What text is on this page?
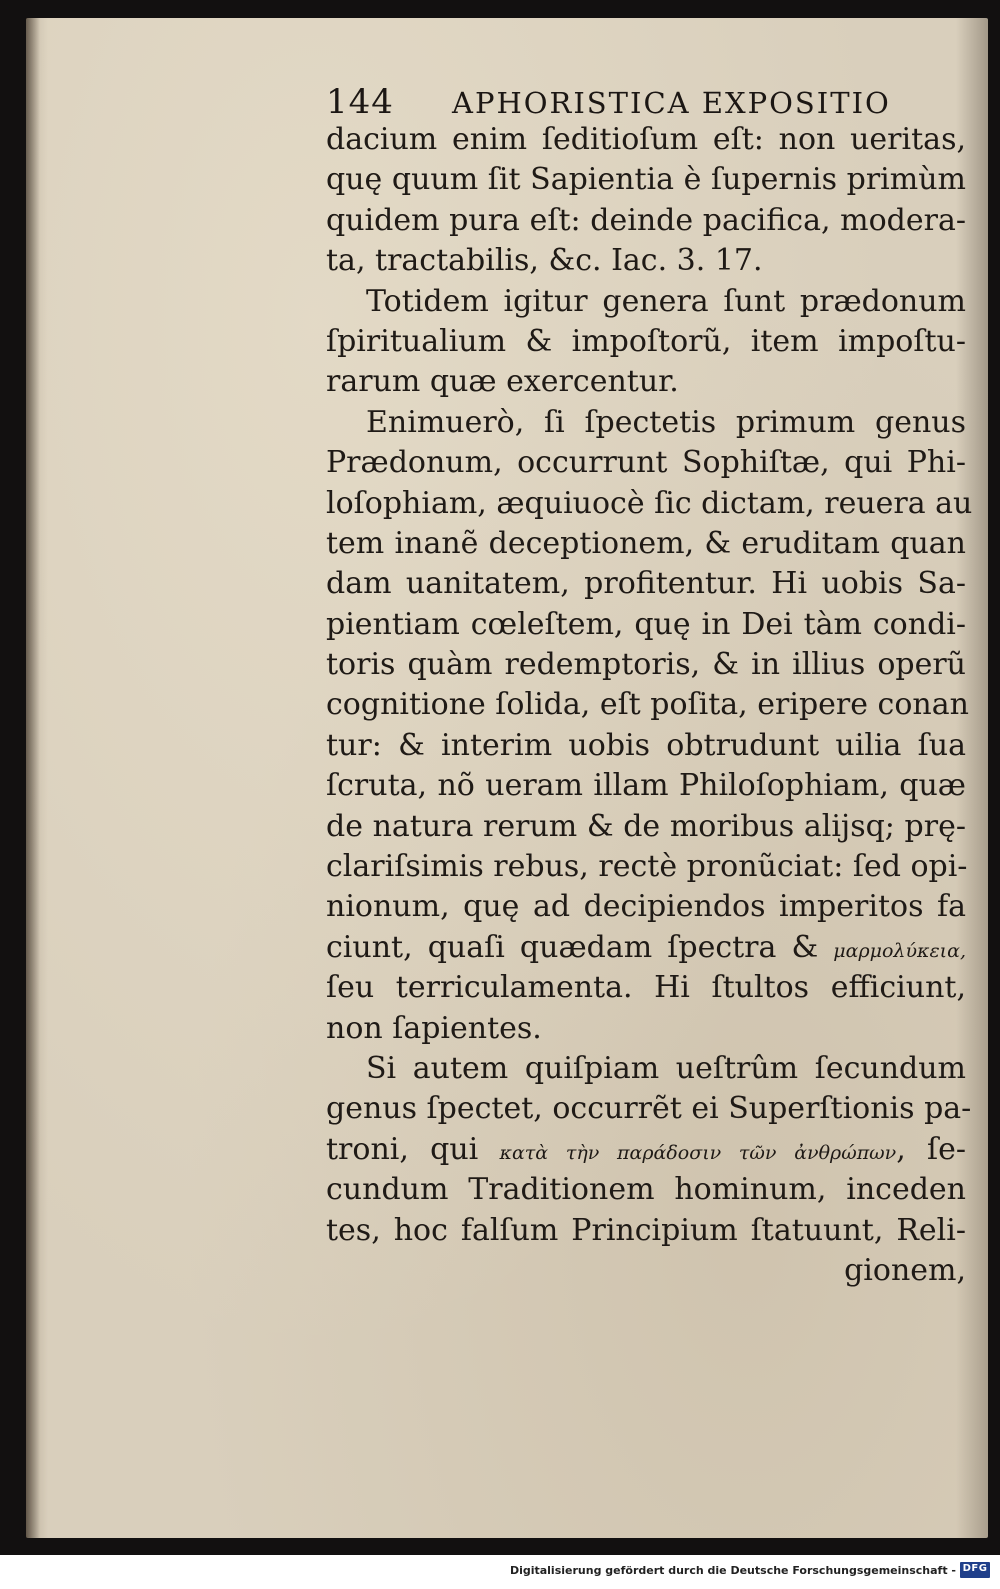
144 APHORISTICA EXPOSITIO
dacium enim ſeditioſum eſt: non ueritas,
quę quum ſit Sapientia è ſupernis primùm
quidem pura eſt: deinde pacifica, modera-
ta, tractabilis, &c. Iac. 3. 17.
Totidem igitur genera ſunt prædonum
ſpiritualium & impoſtorũ, item impoſtu-
rarum quæ exercentur.
Enimuerò, ſi ſpectetis primum genus
Prædonum, occurrunt Sophiſtæ, qui Phi-
loſophiam, æquiuocè ſic dictam, reuera au
tem inanẽ deceptionem, & eruditam quan
dam uanitatem, profitentur. Hi uobis Sa-
pientiam cœleſtem, quę in Dei tàm condi-
toris quàm redemptoris, & in illius operũ
cognitione ſolida, eſt poſita, eripere conan
tur: & interim uobis obtrudunt uilia ſua
ſcruta, nõ ueram illam Philoſophiam, quæ
de natura rerum & de moribus alijsq; prę-
clariſsimis rebus, rectè pronũciat: ſed opi-
nionum, quę ad decipiendos imperitos fa
ciunt, quaſi quædam ſpectra & μαρμολύκεια,
ſeu terriculamenta. Hi ſtultos efficiunt,
non ſapientes.
Si autem quiſpiam ueſtrûm ſecundum
genus ſpectet, occurrẽt ei Superſtionis pa-
troni, qui κατὰ τὴν παράδοσιν τῶν ἀνθρώπων, ſe-
cundum Traditionem hominum, inceden
tes, hoc falſum Principium ſtatuunt, Reli-
gionem,
Digitalisierung gefördert durch die Deutsche Forschungsgemeinschaft - DFG
